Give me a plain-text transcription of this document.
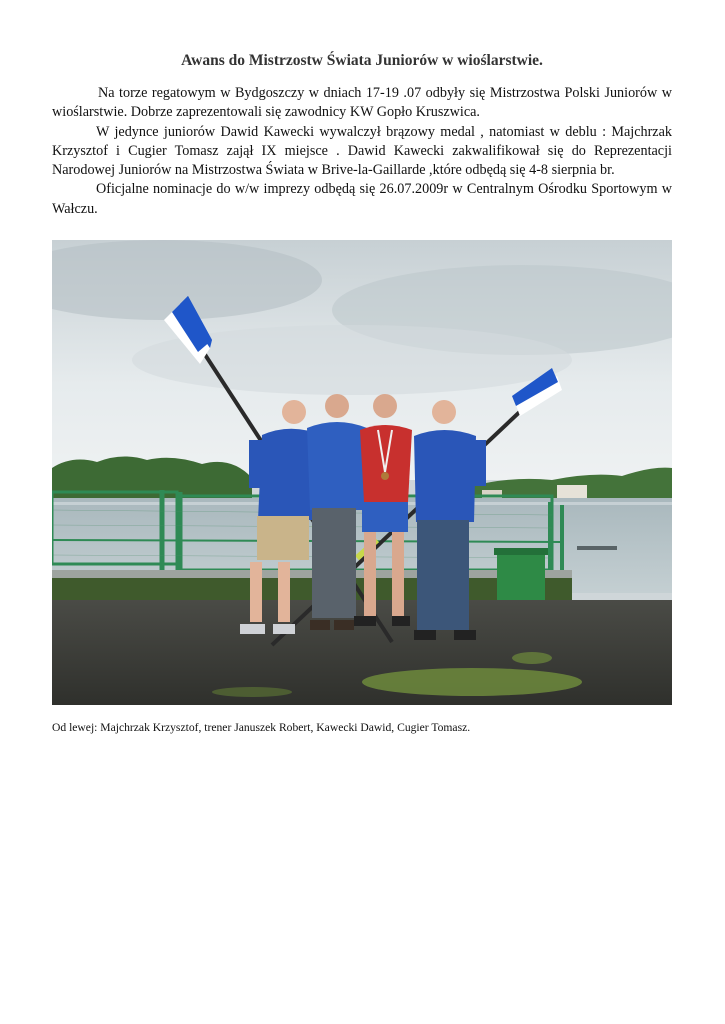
Awans do Mistrzostw Świata Juniorów w wioślarstwie.

Na torze regatowym w Bydgoszczy w dniach 17-19 .07 odbyły się Mistrzostwa Polski Juniorów w wioślarstwie. Dobrze zaprezentowali się zawodnicy KW Gopło Kruszwica.

W jedynce juniorów Dawid Kawecki wywalczył brązowy medal , natomiast w deblu : Majchrzak Krzysztof i Cugier Tomasz zajął IX miejsce . Dawid Kawecki zakwalifikował się do Reprezentacji Narodowej Juniorów na Mistrzostwa Świata w Brive-la-Gaillarde ,które odbędą się 4-8 sierpnia br.

Oficjalne nominacje do w/w imprezy odbędą się 26.07.2009r w Centralnym Ośrodku Sportowym w Wałczu.

Od lewej: Majchrzak Krzysztof, trener Januszek Robert, Kawecki Dawid, Cugier Tomasz.
